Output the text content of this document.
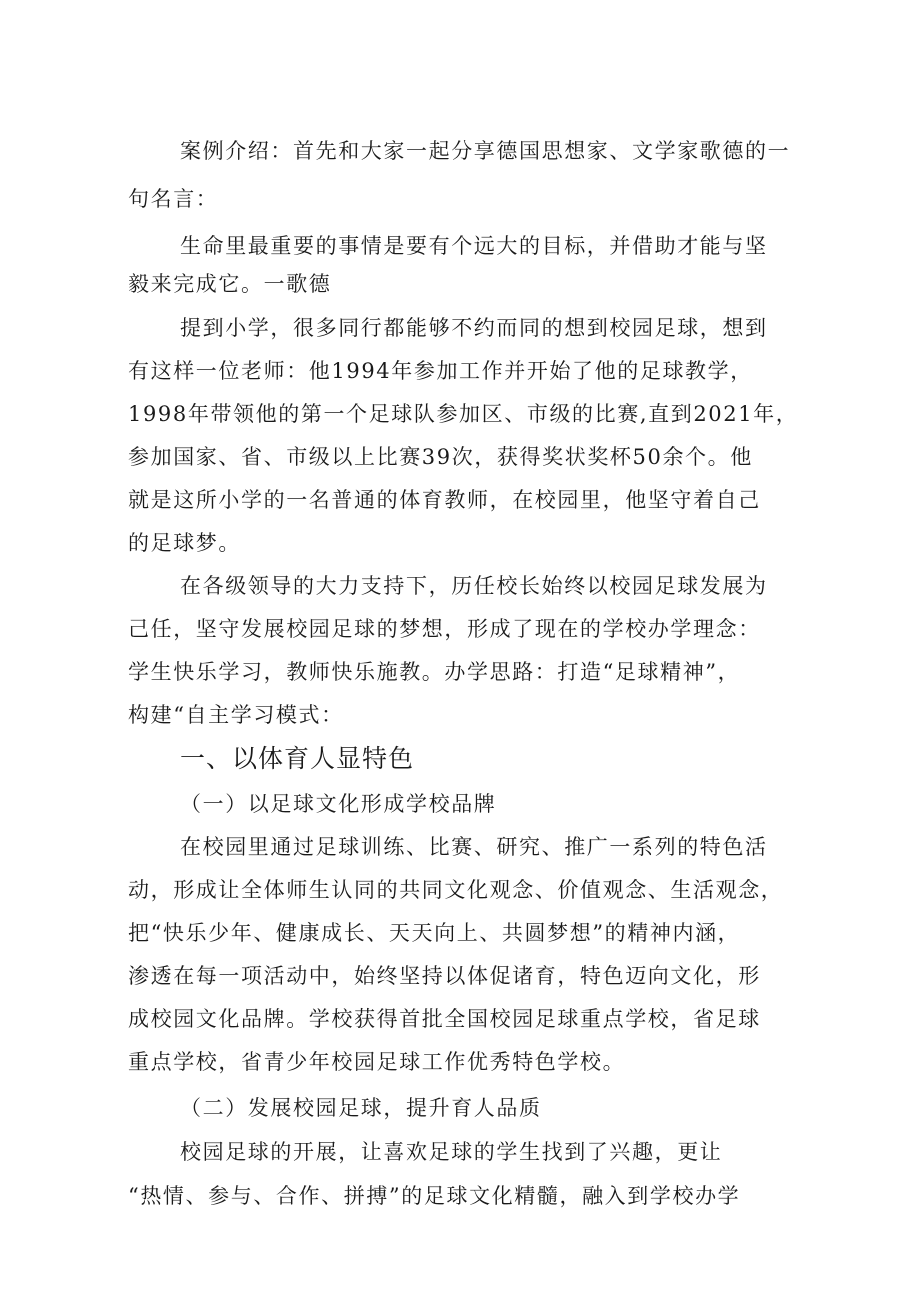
案例介绍：首先和大家一起分享德国思想家、文学家歌德的一

句名言：

生命里最重要的事情是要有个远大的目标，并借助才能与坚

毅来完成它。一歌德

提到小学，很多同行都能够不约而同的想到校园足球，想到

有这样一位老师：他1994年参加工作并开始了他的足球教学，

1998年带领他的第一个足球队参加区、市级的比赛,直到2021年，

参加国家、省、市级以上比赛39次，获得奖状奖杯50余个。他

就是这所小学的一名普通的体育教师，在校园里，他坚守着自己

的足球梦。

在各级领导的大力支持下，历任校长始终以校园足球发展为

己任，坚守发展校园足球的梦想，形成了现在的学校办学理念：

学生快乐学习，教师快乐施教。办学思路：打造“足球精神”，

构建“自主学习模式：

一、以体育人显特色

（一）以足球文化形成学校品牌

在校园里通过足球训练、比赛、研究、推广一系列的特色活

动，形成让全体师生认同的共同文化观念、价值观念、生活观念，

把“快乐少年、健康成长、天天向上、共圆梦想”的精神内涵，

渗透在每一项活动中，始终坚持以体促诸育，特色迈向文化，形

成校园文化品牌。学校获得首批全国校园足球重点学校，省足球

重点学校，省青少年校园足球工作优秀特色学校。

（二）发展校园足球，提升育人品质

校园足球的开展，让喜欢足球的学生找到了兴趣，更让

“热情、参与、合作、拼搏”的足球文化精髓，融入到学校办学
